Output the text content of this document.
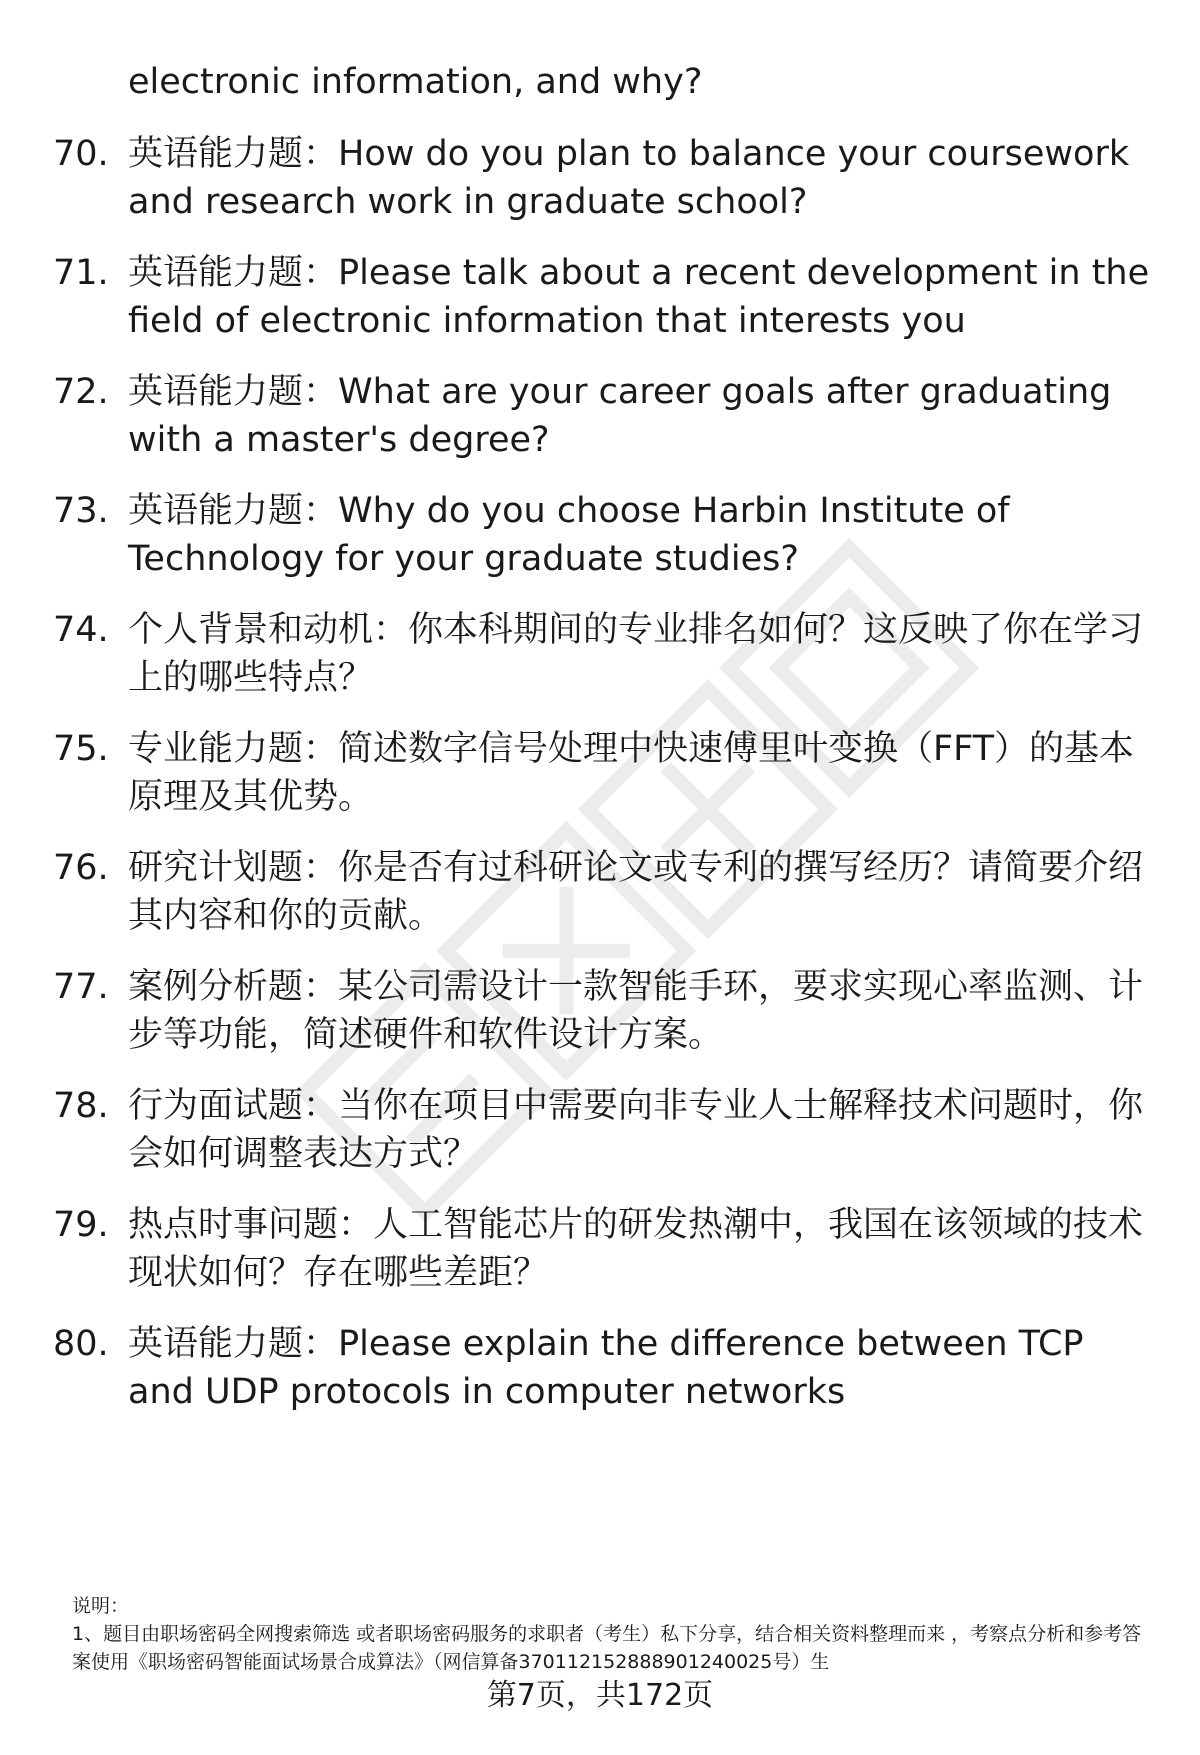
electronic information, and why?
70. 英语能力题：How do you plan to balance your coursework and research work in graduate school?
71. 英语能力题：Please talk about a recent development in the field of electronic information that interests you
72. 英语能力题：What are your career goals after graduating with a master's degree?
73. 英语能力题：Why do you choose Harbin Institute of Technology for your graduate studies?
74. 个人背景和动机：你本科期间的专业排名如何？这反映了你在学习上的哪些特点？
75. 专业能力题：简述数字信号处理中快速傅里叶变换（FFT）的基本原理及其优势。
76. 研究计划题：你是否有过科研论文或专利的撰写经历？请简要介绍其内容和你的贡献。
77. 案例分析题：某公司需设计一款智能手环，要求实现心率监测、计步等功能，简述硬件和软件设计方案。
78. 行为面试题：当你在项目中需要向非专业人士解释技术问题时，你会如何调整表达方式？
79. 热点时事问题：人工智能芯片的研发热潮中，我国在该领域的技术现状如何？存在哪些差距？
80. 英语能力题：Please explain the difference between TCP and UDP protocols in computer networks
说明：
1、题目由职场密码全网搜索筛选 或者职场密码服务的求职者（考生）私下分享，结合相关资料整理而来 ，考察点分析和参考答案使用《职场密码智能面试场景合成算法》（网信算备370112152888901240025号）生
第7页，共172页
